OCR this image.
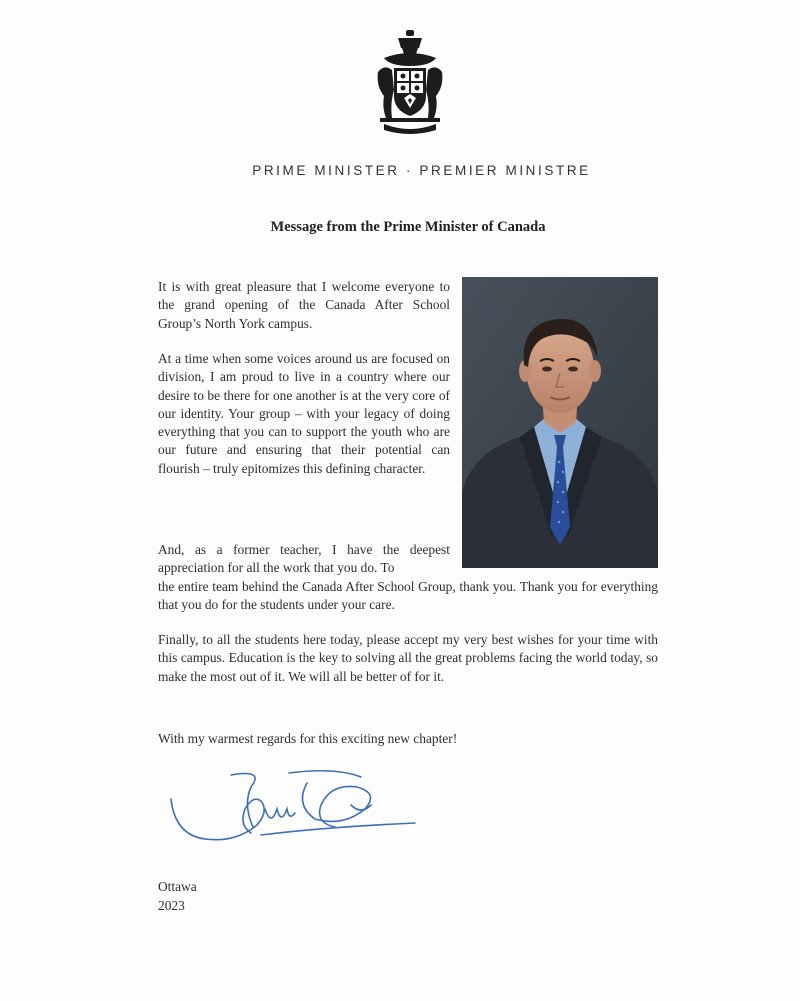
PRIME MINISTER · PREMIER MINISTRE
Message from the Prime Minister of Canada

It is with great pleasure that I welcome everyone to the grand opening of the Canada After School Group’s North York campus.

At a time when some voices around us are focused on division, I am proud to live in a country where our desire to be there for one another is at the very core of our identity. Your group – with your legacy of doing everything that you can to support the youth who are our future and ensuring that their potential can flourish – truly epitomizes this defining character.

And, as a former teacher, I have the deepest appreciation for all the work that you do. To
the entire team behind the Canada After School Group, thank you. Thank you for everything that you do for the students under your care.

Finally, to all the students here today, please accept my very best wishes for your time with this campus. Education is the key to solving all the great problems facing the world today, so make the most out of it. We will all be better of for it.

With my warmest regards for this exciting new chapter!

Ottawa
2023
